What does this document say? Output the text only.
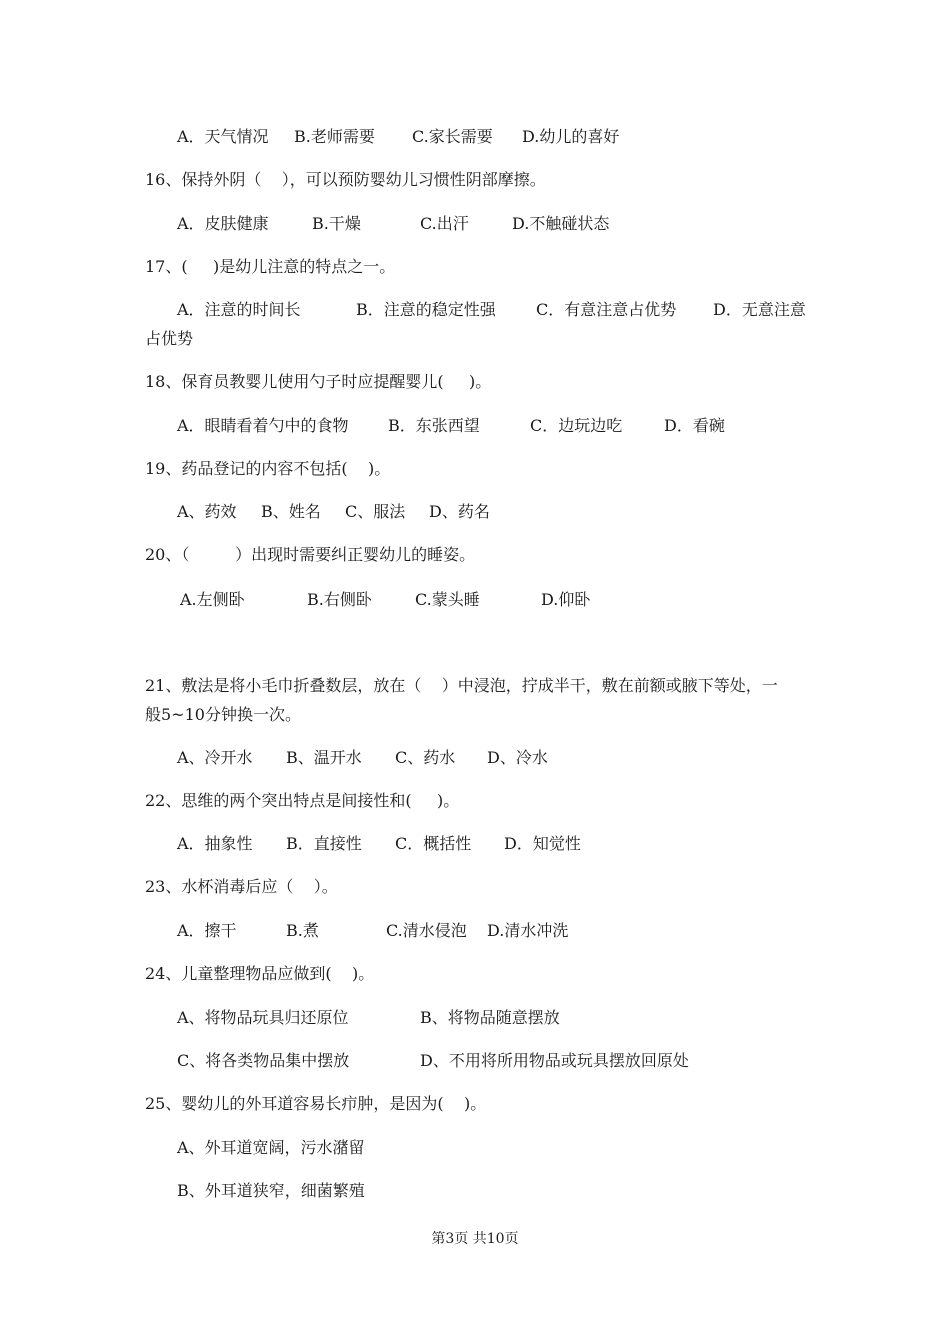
A．天气情况 B.老师需要 C.家长需要 D.幼儿的喜好
16、保持外阴（    ），可以预防婴幼儿习惯性阴部摩擦。
A．皮肤健康	B.干燥	C.出汗	D.不触碰状态
17、(     )是幼儿注意的特点之一。
A．注意的时间长	B．注意的稳定性强	C．有意注意占优势 D．无意注意
占优势
18、保育员教婴儿使用勺子时应提醒婴儿(     )。
A．眼睛看着勺中的食物 B．东张西望	C．边玩边吃	D．看碗
19、药品登记的内容不包括(    )。
A、药效 B、姓名 C、服法 D、药名
20、（         ）出现时需要纠正婴幼儿的睡姿。
A.左侧卧	B.右侧卧	C.蒙头睡	D.仰卧
21、敷法是将小毛巾折叠数层，放在（    ）中浸泡，拧成半干，敷在前额或腋下等处，一
般5~10分钟换一次。
A、冷开水 B、温开水 C、药水 D、冷水
22、思维的两个突出特点是间接性和(     )。
A．抽象性 B．直接性 C．概括性 D．知觉性
23、水杯消毒后应（    ）。
A．擦干	B.煮	C.清水侵泡 D.清水冲洗
24、儿童整理物品应做到(    )。
A、将物品玩具归还原位	B、将物品随意摆放
C、将各类物品集中摆放	D、不用将所用物品或玩具摆放回原处
25、婴幼儿的外耳道容易长疖肿，是因为(    )。
A、外耳道宽阔，污水潴留
B、外耳道狭窄，细菌繁殖
第3页 共10页
